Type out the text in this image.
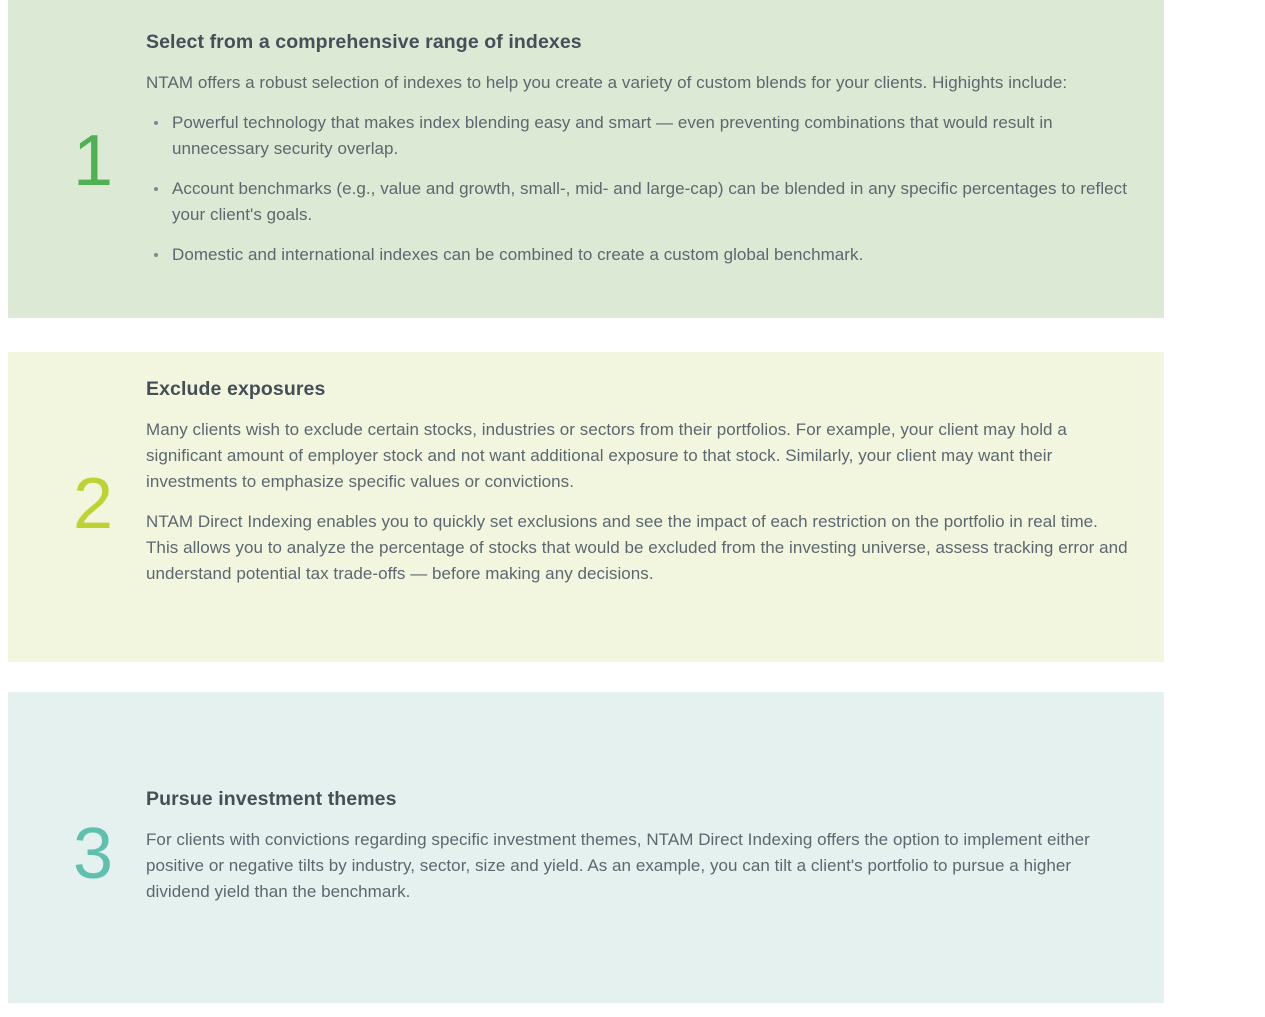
1
Select from a comprehensive range of indexes

NTAM offers a robust selection of indexes to help you create a variety of custom blends for your clients. Highights include:

Powerful technology that makes index blending easy and smart — even preventing combinations that would result in unnecessary security overlap.
Account benchmarks (e.g., value and growth, small-, mid- and large-cap) can be blended in any specific percentages to reflect your client's goals.
Domestic and international indexes can be combined to create a custom global benchmark.
2
Exclude exposures

Many clients wish to exclude certain stocks, industries or sectors from their portfolios. For example, your client may hold a significant amount of employer stock and not want additional exposure to that stock. Similarly, your client may want their investments to emphasize specific values or convictions.

NTAM Direct Indexing enables you to quickly set exclusions and see the impact of each restriction on the portfolio in real time. This allows you to analyze the percentage of stocks that would be excluded from the investing universe, assess tracking error and understand potential tax trade-offs — before making any decisions.

3
Pursue investment themes

For clients with convictions regarding specific investment themes, NTAM Direct Indexing offers the option to implement either positive or negative tilts by industry, sector, size and yield. As an example, you can tilt a client's portfolio to pursue a higher dividend yield than the benchmark.
